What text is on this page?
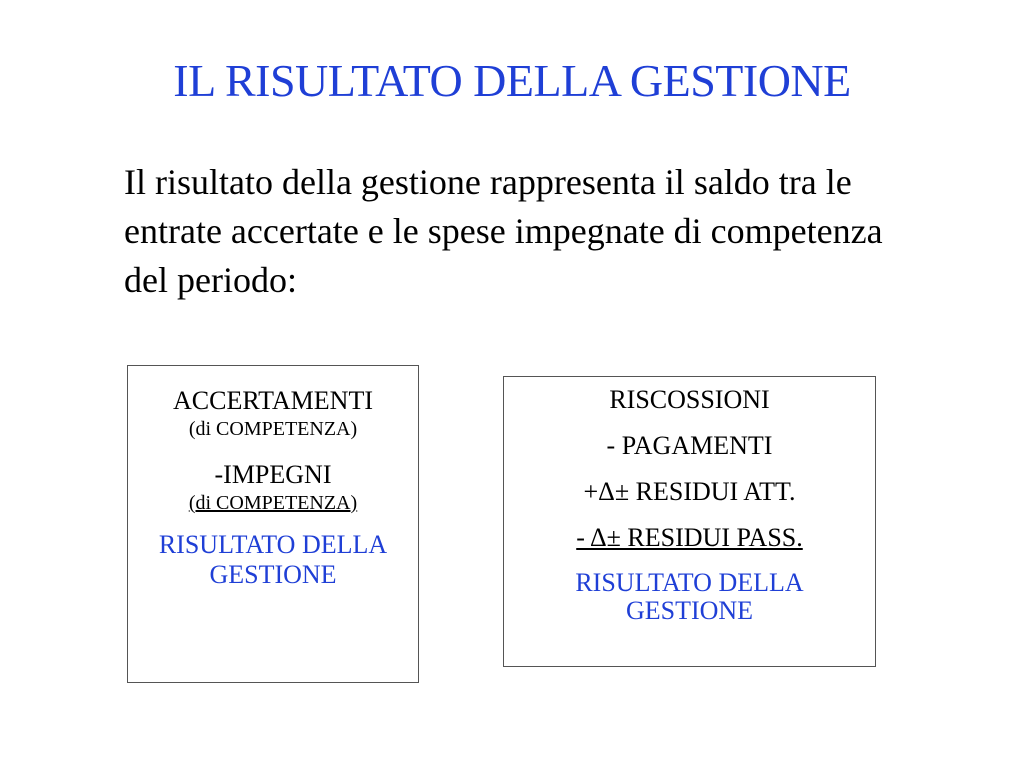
IL RISULTATO DELLA GESTIONE

Il risultato della gestione rappresenta il saldo tra le entrate accertate e le spese impegnate di competenza del periodo:

ACCERTAMENTI
(di COMPETENZA)
-IMPEGNI
(di COMPETENZA)
RISULTATO DELLA GESTIONE
RISCOSSIONI
- PAGAMENTI
+Δ± RESIDUI ATT.
- Δ± RESIDUI PASS.
RISULTATO DELLA GESTIONE
